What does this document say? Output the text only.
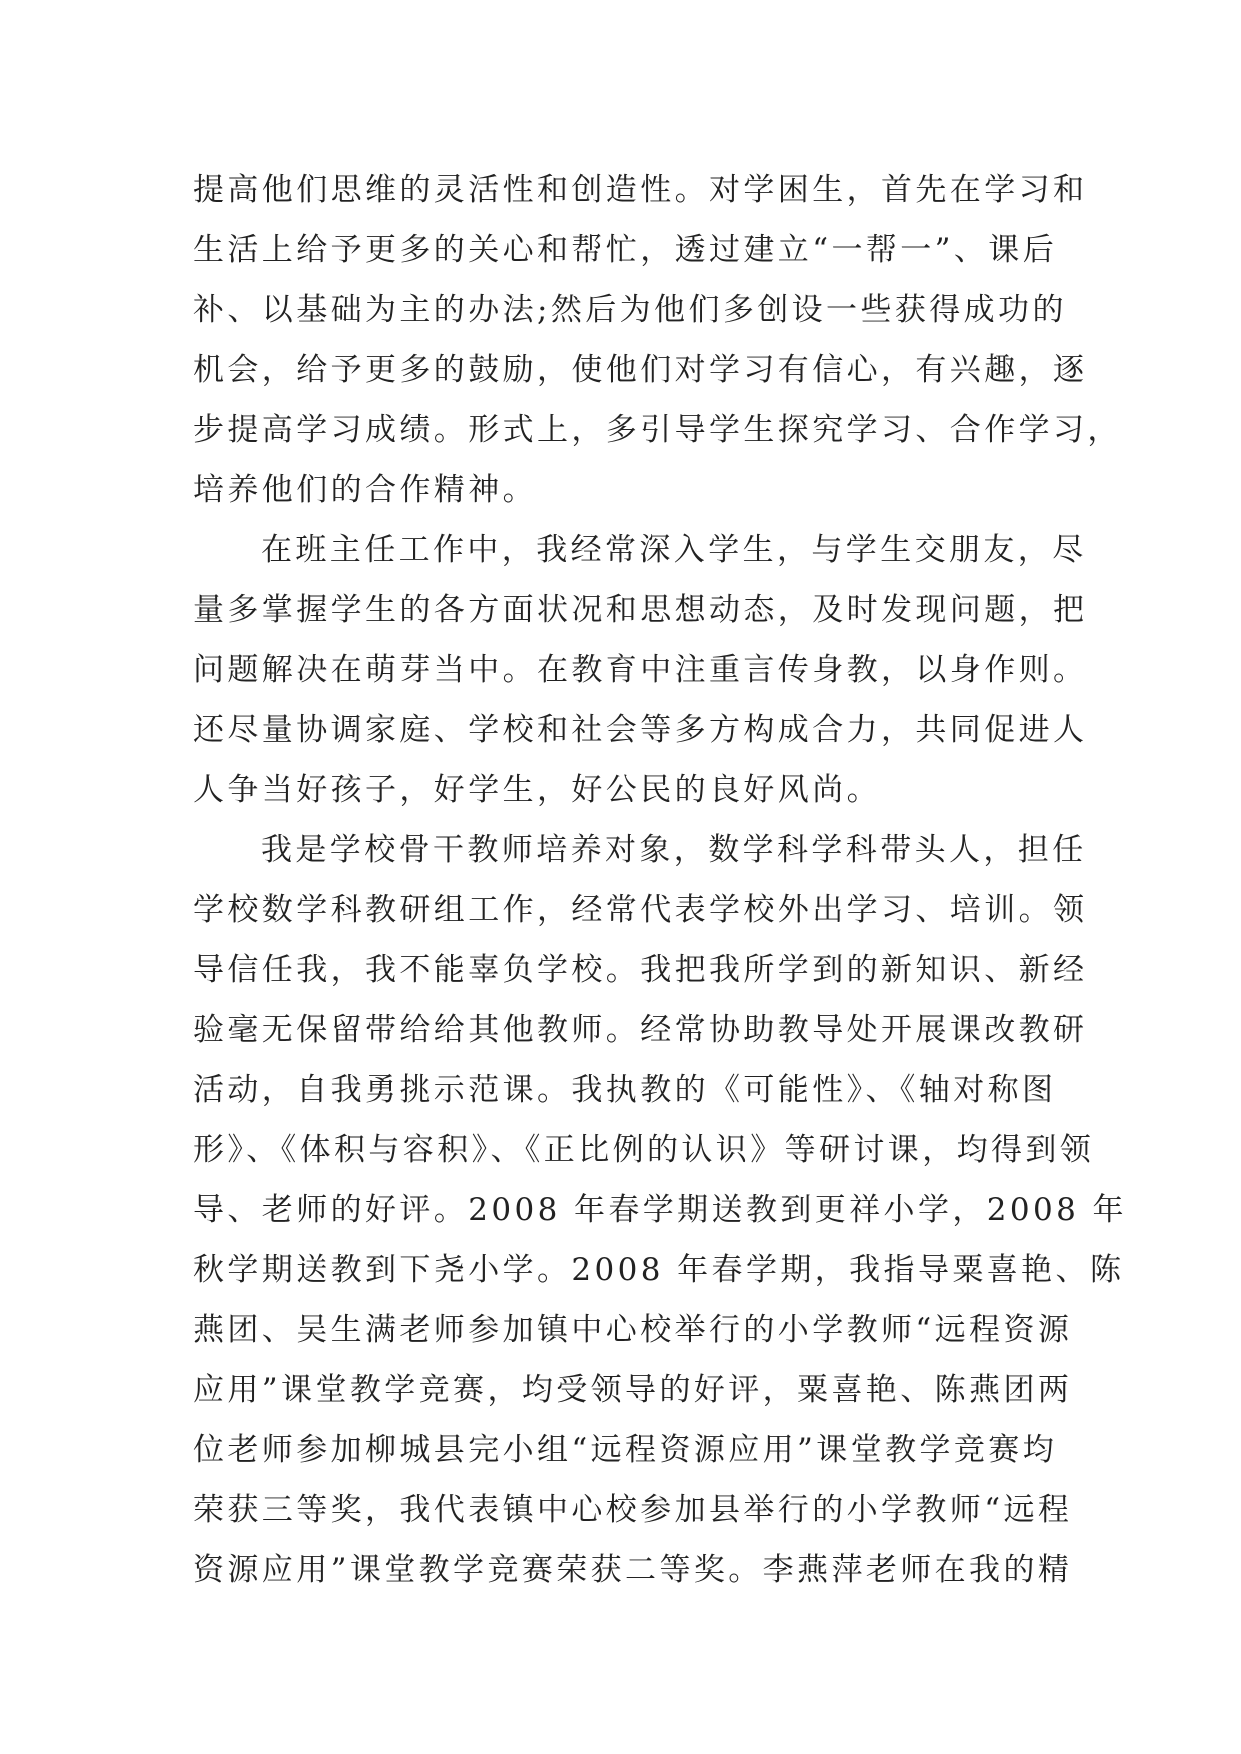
提高他们思维的灵活性和创造性。对学困生，首先在学习和
生活上给予更多的关心和帮忙，透过建立“一帮一”、课后
补、以基础为主的办法;然后为他们多创设一些获得成功的
机会，给予更多的鼓励，使他们对学习有信心，有兴趣，逐
步提高学习成绩。形式上，多引导学生探究学习、合作学习，
培养他们的合作精神。
在班主任工作中，我经常深入学生，与学生交朋友，尽
量多掌握学生的各方面状况和思想动态，及时发现问题，把
问题解决在萌芽当中。在教育中注重言传身教，以身作则。
还尽量协调家庭、学校和社会等多方构成合力，共同促进人
人争当好孩子，好学生，好公民的良好风尚。
我是学校骨干教师培养对象，数学科学科带头人，担任
学校数学科教研组工作，经常代表学校外出学习、培训。领
导信任我，我不能辜负学校。我把我所学到的新知识、新经
验毫无保留带给给其他教师。经常协助教导处开展课改教研
活动，自我勇挑示范课。我执教的《可能性》、《轴对称图
形》、《体积与容积》、《正比例的认识》等研讨课，均得到领
导、老师的好评。2008 年春学期送教到更祥小学，2008 年
秋学期送教到下尧小学。2008 年春学期，我指导粟喜艳、陈
燕团、吴生满老师参加镇中心校举行的小学教师“远程资源
应用”课堂教学竞赛，均受领导的好评，粟喜艳、陈燕团两
位老师参加柳城县完小组“远程资源应用”课堂教学竞赛均
荣获三等奖，我代表镇中心校参加县举行的小学教师“远程
资源应用”课堂教学竞赛荣获二等奖。李燕萍老师在我的精
